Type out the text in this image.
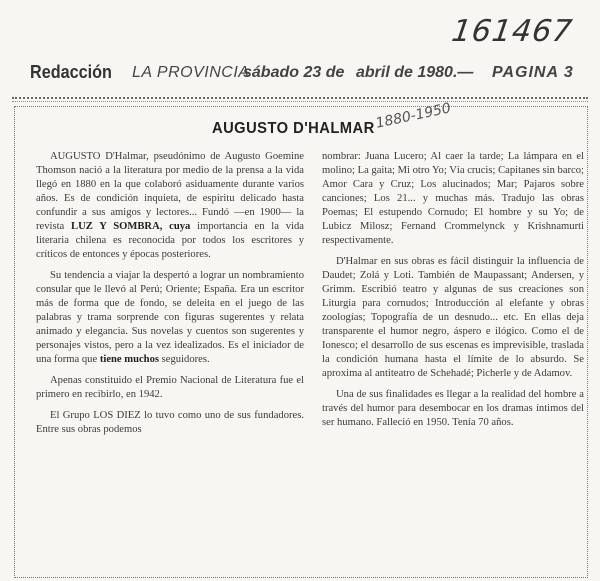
161467
Redacción LA PROVINCIA
sábado 23 de abril de 1980.— PAGINA 3
AUGUSTO D'HALMAR 1880-1950

AUGUSTO D'Halmar, pseudónimo de Augusto Goemine Thomson nació a la literatura por medio de la prensa a la vida llegó en 1880 en la que colaboró asiduamente durante varios años. Es de condición inquieta, de espíritu delicado hasta confundir a sus amigos y lectores... Fundó —en 1900— la revista LUZ Y SOMBRA, cuya importancia en la vida literaria chilena es reconocida por todos los escritores y críticos de entonces y épocas posteriores.

Su tendencia a viajar la despertó a lograr un nombramiento consular que le llevó al Perú; Oriente; España. Era un escritor más de forma que de fondo, se deleita en el juego de las palabras y trama sorprende con figuras sugerentes y relata animado y elegancia. Sus novelas y cuentos son sugerentes y personajes vistos, pero a la vez idealizados. Es el iniciador de una forma que tiene muchos seguidores.

Apenas constituido el Premio Nacional de Literatura fue el primero en recibirlo, en 1942.

El Grupo LOS DIEZ lo tuvo como uno de sus fundadores. Entre sus obras podemos

nombrar: Juana Lucero; Al caer la tarde; La lámpara en el molino; La gaita; Mi otro Yo; Vía crucis; Capitanes sin barco; Amor Cara y Cruz; Los alucinados; Mar; Pajaros sobre canciones; Los 21... y muchas más. Tradujo las obras Poemas; El estupendo Cornudo; El hombre y su Yo; de Lubicz Milosz; Fernand Crommelynck y Krishnamurti respectivamente.

D'Halmar en sus obras es fácil distinguir la influencia de Daudet; Zolá y Loti. También de Maupassant; Andersen, y Grimm. Escribió teatro y algunas de sus creaciones son Liturgia para cornudos; Introducción al elefante y obras zoologías; Topografía de un desnudo... etc. En ellas deja transparente el humor negro, áspero e ilógico. Como el de Ionesco; el desarrollo de sus escenas es imprevisible, traslada la condición humana hasta el límite de lo absurdo. Se aproxima al antiteatro de Schehadé; Picherle y de Adamov.

Una de sus finalidades es llegar a la realidad del hombre a través del humor para desembocar en los dramas íntimos del ser humano. Falleció en 1950. Tenía 70 años.
